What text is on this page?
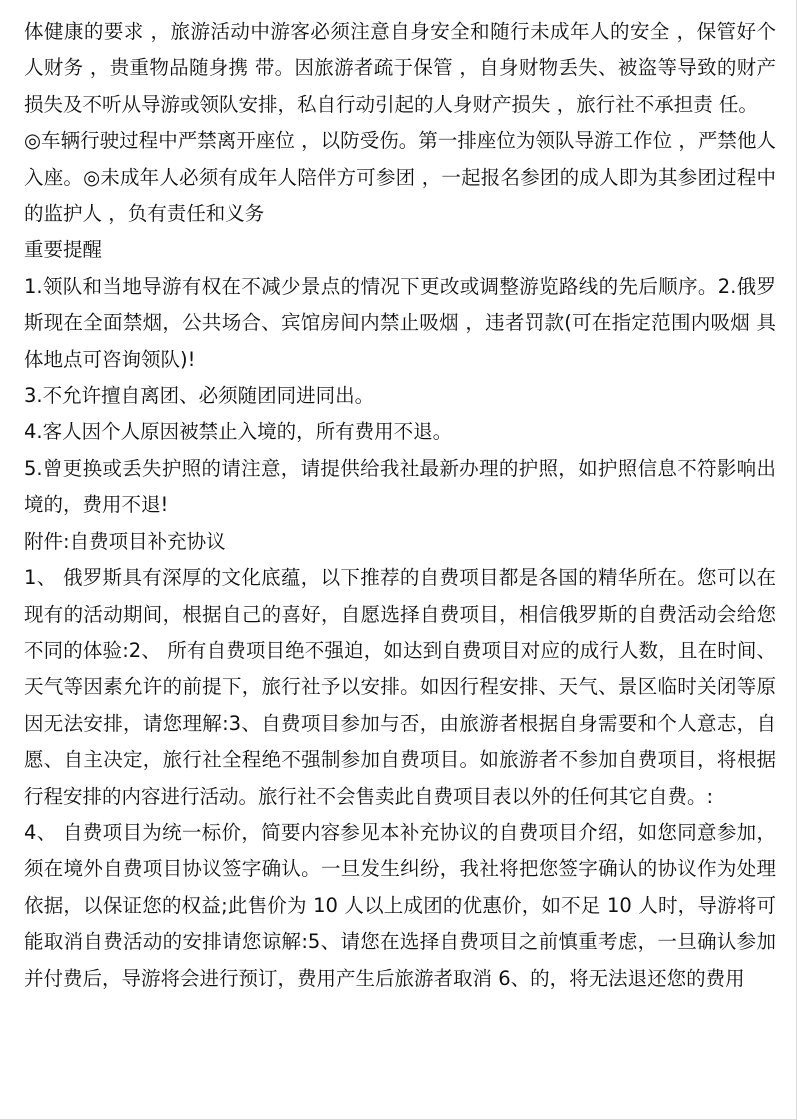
体健康的要求 ，旅游活动中游客必须注意自身安全和随行未成年人的安全 ，保管好个人财务 ，贵重物品随身携 带。因旅游者疏于保管 ，自身财物丢失、被盗等导致的财产损失及不听从导游或领队安排，私自行动引起的人身财产损失 ，旅行社不承担责 任。

◎车辆行驶过程中严禁离开座位 ，以防受伤。第一排座位为领队导游工作位 ，严禁他人入座。◎未成年人必须有成年人陪伴方可参团 ，一起报名参团的成人即为其参团过程中的监护人 ，负有责任和义务

重要提醒

1.领队和当地导游有权在不减少景点的情况下更改或调整游览路线的先后顺序。2.俄罗斯现在全面禁烟，公共场合、宾馆房间内禁止吸烟 ，违者罚款(可在指定范围内吸烟 具体地点可咨询领队)!

3.不允许擅自离团、必须随团同进同出。

4.客人因个人原因被禁止入境的，所有费用不退。

5.曾更换或丢失护照的请注意，请提供给我社最新办理的护照，如护照信息不符影响出境的，费用不退!

附件:自费项目补充协议

1、 俄罗斯具有深厚的文化底蕴，以下推荐的自费项目都是各国的精华所在。您可以在现有的活动期间，根据自己的喜好，自愿选择自费项目，相信俄罗斯的自费活动会给您不同的体验:2、 所有自费项目绝不强迫，如达到自费项目对应的成行人数，且在时间、天气等因素允许的前提下，旅行社予以安排。如因行程安排、天气、景区临时关闭等原因无法安排，请您理解:3、自费项目参加与否，由旅游者根据自身需要和个人意志，自愿、自主决定，旅行社全程绝不强制参加自费项目。如旅游者不参加自费项目，将根据行程安排的内容进行活动。旅行社不会售卖此自费项目表以外的任何其它自费。:

4、 自费项目为统一标价，简要内容参见本补充协议的自费项目介绍，如您同意参加，须在境外自费项目协议签字确认。一旦发生纠纷，我社将把您签字确认的协议作为处理依据，以保证您的权益;此售价为 10 人以上成团的优惠价，如不足 10 人时，导游将可能取消自费活动的安排请您谅解:5、请您在选择自费项目之前慎重考虑，一旦确认参加并付费后，导游将会进行预订，费用产生后旅游者取消 6、的，将无法退还您的费用
